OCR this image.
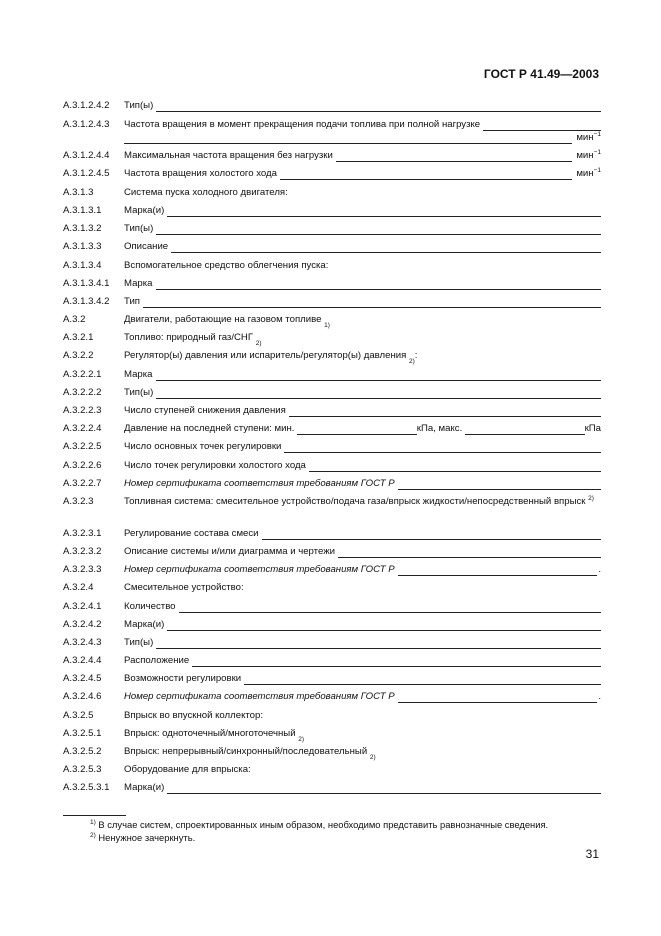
ГОСТ Р 41.49—2003
A.3.1.2.4.2	Тип(ы)
A.3.1.2.4.3	Частота вращения в момент прекращения подачи топлива при полной нагрузке
мин$^{-1}$
A.3.1.2.4.4	Максимальная частота вращения без нагрузки	мин$^{-1}$
A.3.1.2.4.5	Частота вращения холостого хода	мин$^{-1}$
A.3.1.3	Система пуска холодного двигателя:
A.3.1.3.1	Марка(и)
A.3.1.3.2	Тип(ы)
A.3.1.3.3	Описание
A.3.1.3.4	Вспомогательное средство облегчения пуска:
A.3.1.3.4.1	Марка
A.3.1.3.4.2	Тип
A.3.2	Двигатели, работающие на газовом топливе

1)
A.3.2.1	Топливо: природный газ/СНГ

2)
A.3.2.2	Регулятор(ы) давления или испаритель/регулятор(ы) давления

2)
:
A.3.2.2.1	Марка
A.3.2.2.2	Тип(ы)
A.3.2.2.3	Число ступеней снижения давления
A.3.2.2.4	Давление на последней ступени: мин.	кПа, макс.	кПа
A.3.2.2.5	Число основных точек регулировки
A.3.2.2.6	Число точек регулировки холостого хода
A.3.2.2.7	Номер сертификата соответствия требованиям ГОСТ Р
A.3.2.3	Топливная система: смесительное устройство/подача газа/впрыск жидкости/непосредственный впрыск $^{2)}$
A.3.2.3.1	Регулирование состава смеси
A.3.2.3.2	Описание системы и/или диаграмма и чертежи
A.3.2.3.3	Номер сертификата соответствия требованиям ГОСТ Р	.
A.3.2.4	Смесительное устройство:
A.3.2.4.1	Количество
A.3.2.4.2	Марка(и)
A.3.2.4.3	Тип(ы)
A.3.2.4.4	Расположение
A.3.2.4.5	Возможности регулировки
A.3.2.4.6	Номер сертификата соответствия требованиям ГОСТ Р	.
A.3.2.5	Впрыск во впускной коллектор:
A.3.2.5.1	Впрыск: одноточечный/многоточечный

2)
A.3.2.5.2	Впрыск: непрерывный/синхронный/последовательный

2)
A.3.2.5.3	Оборудование для впрыска:
A.3.2.5.3.1	Марка(и)
$^{1)}$ В случае систем, спроектированных иным образом, необходимо представить равнозначные сведения.
$^{2)}$ Ненужное зачеркнуть.
31
